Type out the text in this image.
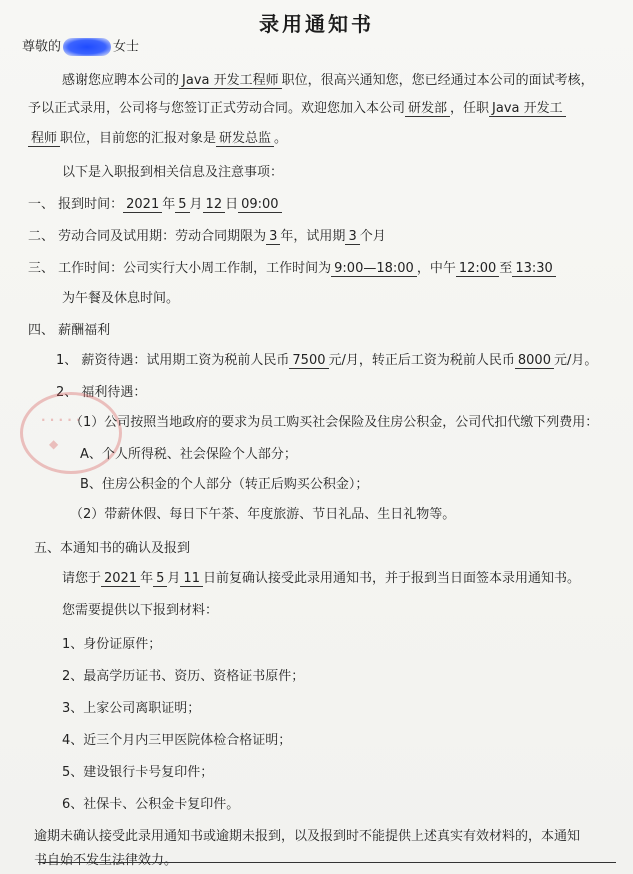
录用通知书
尊敬的	女士
感谢您应聘本公司的 Java 开发工程师 职位，很高兴通知您，您已经通过本公司的面试考核，
予以正式录用，公司将与您签订正式劳动合同。欢迎您加入本公司 研发部 ，任职 Java 开发工
程师 职位，目前您的汇报对象是 研发总监 。
以下是入职报到相关信息及注意事项：
一、 报到时间： 2021 年 5 月 12 日 09:00
二、 劳动合同及试用期：劳动合同期限为 3 年，试用期 3 个月
三、 工作时间：公司实行大小周工作制，工作时间为 9:00—18:00 ，中午 12:00 至 13:30
为午餐及休息时间。
四、 薪酬福利
1、 薪资待遇：试用期工资为税前人民币 7500 元/月，转正后工资为税前人民币 8000 元/月。
2、 福利待遇：
· · · · ·
◆
（1）公司按照当地政府的要求为员工购买社会保险及住房公积金，公司代扣代缴下列费用：
A、个人所得税、社会保险个人部分；
B、住房公积金的个人部分（转正后购买公积金）；
（2）带薪休假、每日下午茶、年度旅游、节日礼品、生日礼物等。
五、本通知书的确认及报到
请您于 2021 年 5 月 11 日前复确认接受此录用通知书，并于报到当日面签本录用通知书。
您需要提供以下报到材料：
1、身份证原件；
2、最高学历证书、资历、资格证书原件；
3、上家公司离职证明；
4、近三个月内三甲医院体检合格证明；
5、建设银行卡号复印件；
6、社保卡、公积金卡复印件。
逾期未确认接受此录用通知书或逾期未报到，以及报到时不能提供上述真实有效材料的，本通知
书自始不发生法律效力。
